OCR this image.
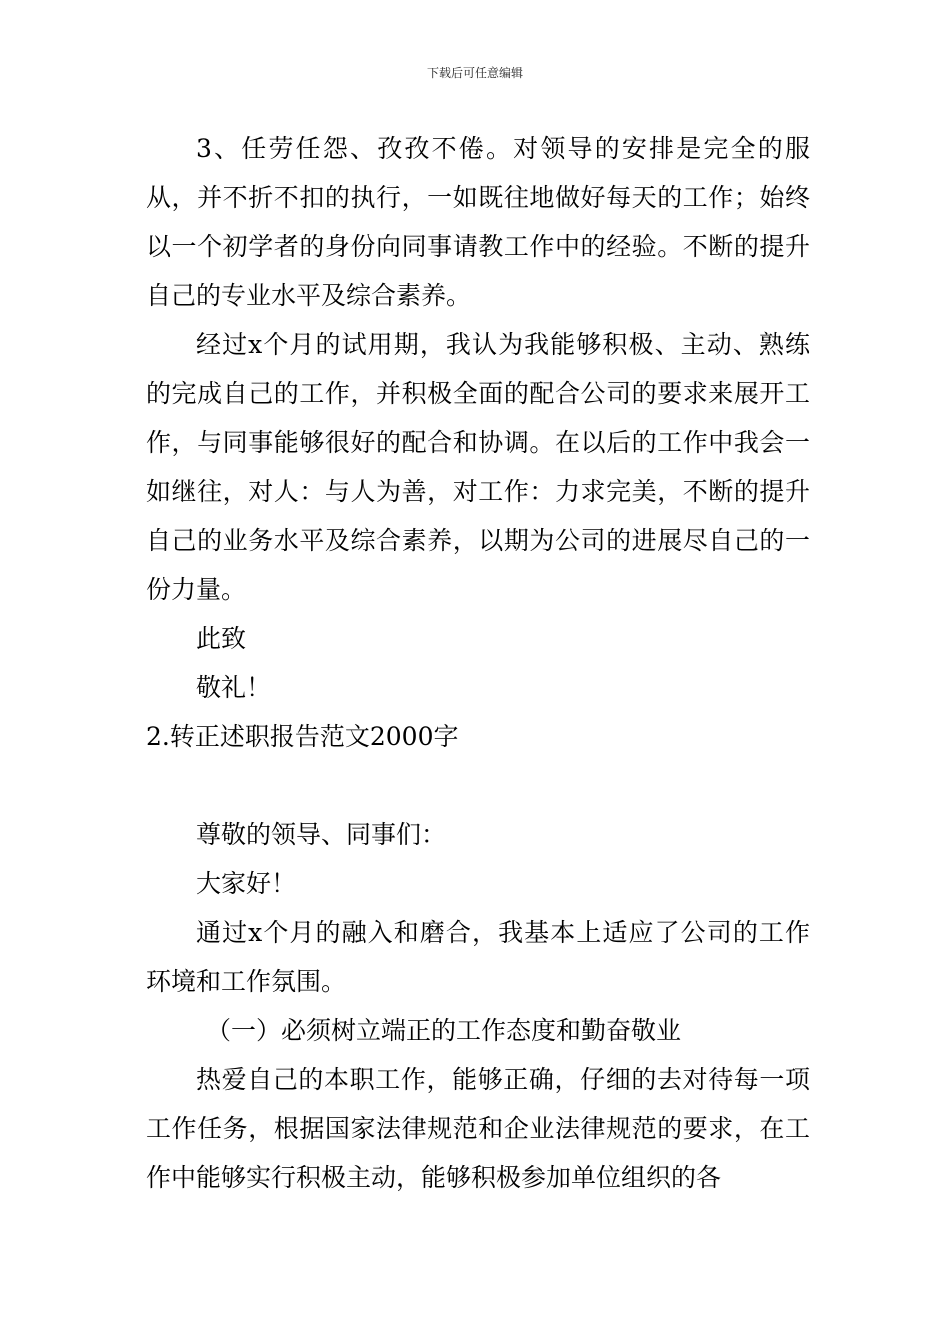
下载后可任意编辑

3、任劳任怨、孜孜不倦。对领导的安排是完全的服从，并不折不扣的执行，一如既往地做好每天的工作；始终以一个初学者的身份向同事请教工作中的经验。不断的提升自己的专业水平及综合素养。

经过x个月的试用期，我认为我能够积极、主动、熟练的完成自己的工作，并积极全面的配合公司的要求来展开工作，与同事能够很好的配合和协调。在以后的工作中我会一如继往，对人：与人为善，对工作：力求完美，不断的提升自己的业务水平及综合素养，以期为公司的进展尽自己的一份力量。

此致

敬礼！

2.转正述职报告范文2000字

尊敬的领导、同事们：

大家好！

通过x个月的融入和磨合，我基本上适应了公司的工作环境和工作氛围。

（一）必须树立端正的工作态度和勤奋敬业

热爱自己的本职工作，能够正确，仔细的去对待每一项工作任务，根据国家法律规范和企业法律规范的要求，在工作中能够实行积极主动，能够积极参加单位组织的各
